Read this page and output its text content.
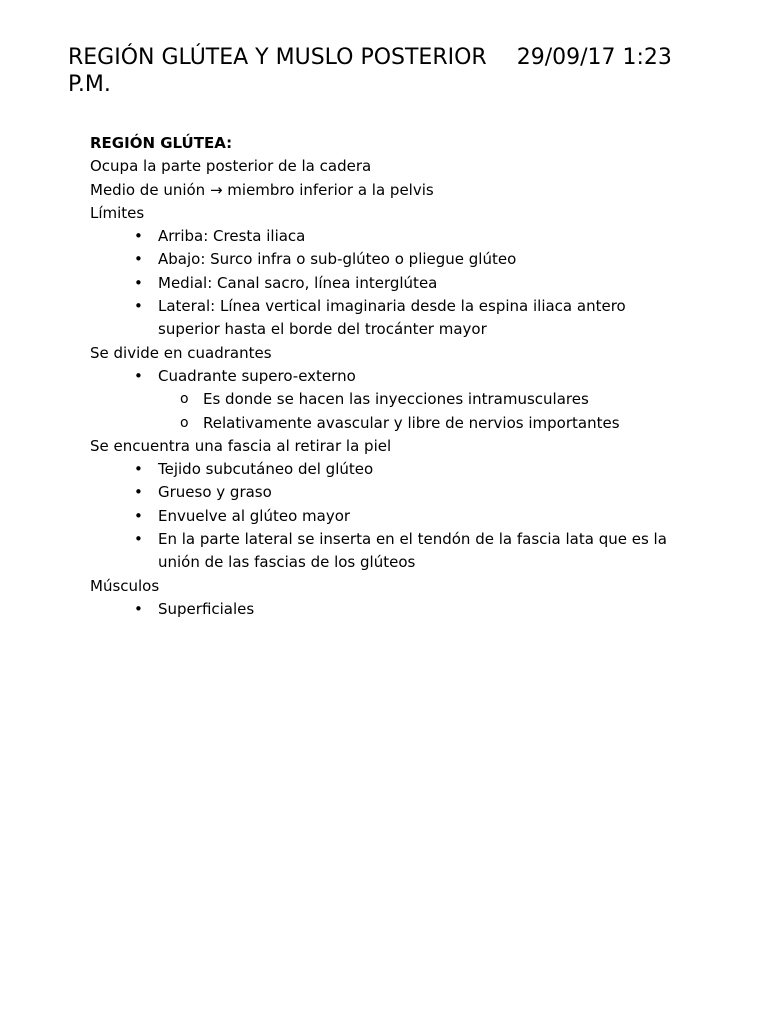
REGIÓN GLÚTEA Y MUSLO POSTERIOR 29/09/17 1:23 P.M.

REGIÓN GLÚTEA:

Ocupa la parte posterior de la cadera

Medio de unión → miembro inferior a la pelvis

Límites

• Arriba: Cresta iliaca
• Abajo: Surco infra o sub-glúteo o pliegue glúteo
• Medial: Canal sacro, línea interglútea
• Lateral: Línea vertical imaginaria desde la espina iliaca antero superior hasta el borde del trocánter mayor

Se divide en cuadrantes

• Cuadrante supero-externo
o Es donde se hacen las inyecciones intramusculares
o Relativamente avascular y libre de nervios importantes

Se encuentra una fascia al retirar la piel

• Tejido subcutáneo del glúteo
• Grueso y graso
• Envuelve al glúteo mayor
• En la parte lateral se inserta en el tendón de la fascia lata que es la unión de las fascias de los glúteos

Músculos

• Superficiales
